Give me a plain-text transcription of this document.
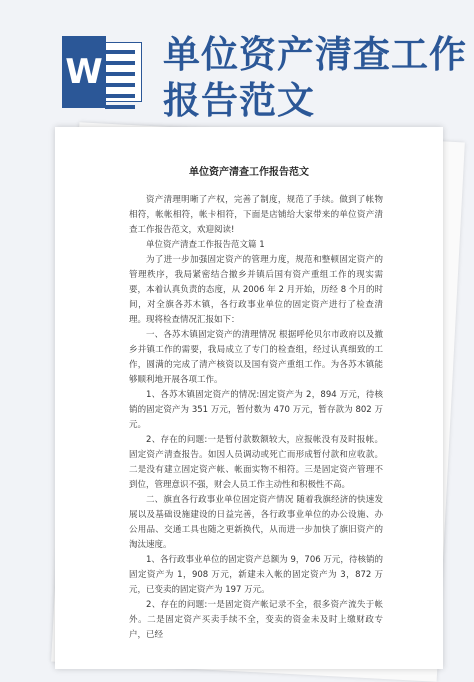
W 单位资产清查工作
报告范文
单位资产清查工作报告范文

资产清理明晰了产权，完善了制度，规范了手续。做到了帐物相符，帐帐相符，帐卡相符，下面是店铺给大家带来的单位资产清查工作报告范文，欢迎阅读!

单位资产清查工作报告范文篇 1

为了进一步加强固定资产的管理力度，规范和整顿固定资产的管理秩序，我局紧密结合撤乡并镇后国有资产重组工作的现实需要，本着认真负责的态度，从 2006 年 2 月开始，历经 8 个月的时间，对全旗各苏木镇，各行政事业单位的固定资产进行了检查清理。现将检查情况汇报如下：

一、各苏木镇固定资产的清理情况 根据呼伦贝尔市政府以及撤乡并镇工作的需要，我局成立了专门的检查组，经过认真细致的工作，圆满的完成了清产核资以及国有资产重组工作。为各苏木镇能够顺利地开展各项工作。

1、各苏木镇固定资产的情况:固定资产为 2，894 万元，待核销的固定资产为 351 万元，暂付数为 470 万元，暂存款为 802 万元。

2、存在的问题:一是暂付款数额较大，应报帐没有及时报帐。固定资产清查报告。如因人员调动或死亡而形成暂付款和应收款。二是没有建立固定资产帐、帐面实物不相符。三是固定资产管理不到位，管理意识不强，财会人员工作主动性和积极性不高。

二、旗直各行政事业单位固定资产情况 随着我旗经济的快速发展以及基础设施建设的日益完善，各行政事业单位的办公设施、办公用品、交通工具也随之更新换代，从而进一步加快了旗旧资产的淘汰速度。

1、各行政事业单位的固定资产总额为 9，706 万元，待核销的固定资产为 1，908 万元，新建未入帐的固定资产为 3，872 万元，已变卖的固定资产为 197 万元。

2、存在的问题:一是固定资产帐记录不全，很多资产流失于帐外。二是固定资产买卖手续不全，变卖的资金未及时上缴财政专户，已经
